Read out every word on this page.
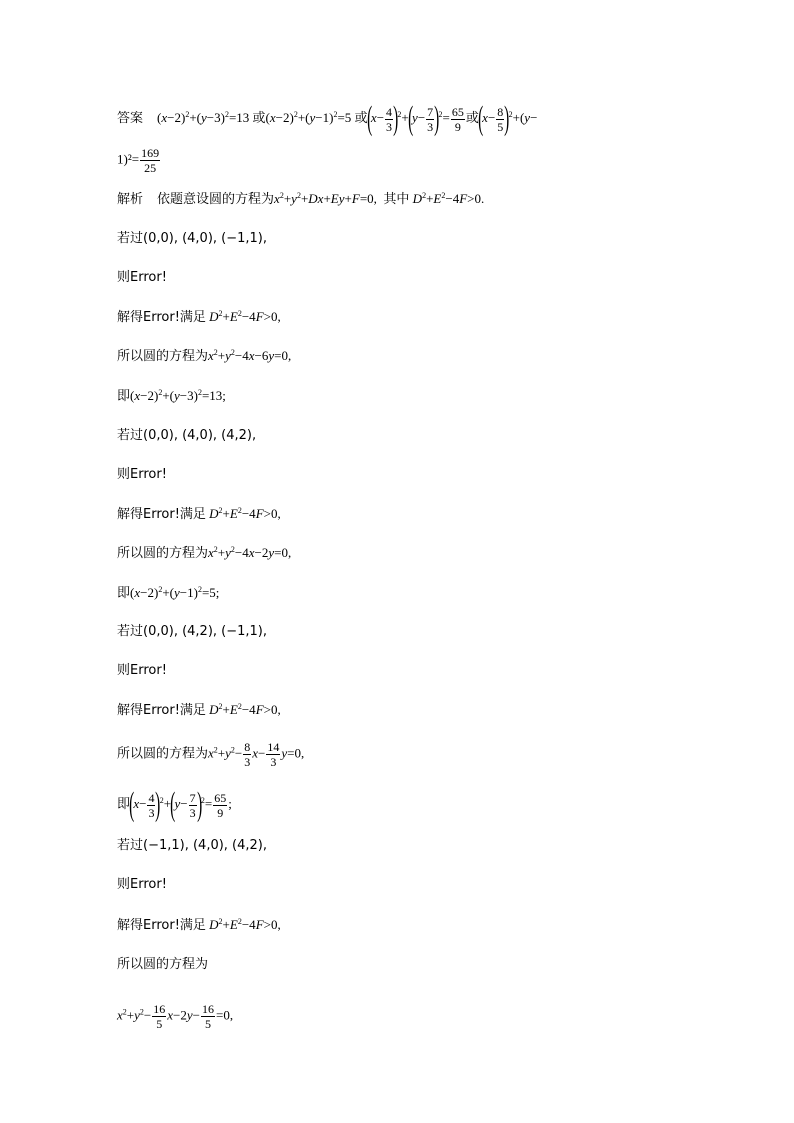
答案 $(x-2)^2+(y-3)^2=13$ 或$(x-2)^2+(y-1)^2=5$ 或$(x- \frac{4}{3} )^2+(y- \frac{7}{3} )^2= \frac{65}{9}$ 或$(x- \frac{8}{5} )^2+(y-$
$1)^2= \frac{169}{25}$
解析 依题意设圆的方程为$x^2+y^2+Dx+Ey+F=0$,  其中 $D^2+E^2-4F>0$.
若过(0,0), (4,0), (−1,1),
则Error!
解得Error!满足 $D^2+E^2-4F>0$,
所以圆的方程为$x^2+y^2-4x-6y=0$,
即$(x-2)^2+(y-3)^2=13$;
若过(0,0), (4,0), (4,2),
则Error!
解得Error!满足 $D^2+E^2-4F>0$,
所以圆的方程为$x^2+y^2-4x-2y=0$,
即$(x-2)^2+(y-1)^2=5$;
若过(0,0), (4,2), (−1,1),
则Error!
解得Error!满足 $D^2+E^2-4F>0$,
所以圆的方程为$x^2+y^2- \frac{8}{3} x- \frac{14}{3} y=0$,
即$(x- \frac{4}{3} )^2+(y- \frac{7}{3} )^2= \frac{65}{9}$ ;
若过(−1,1), (4,0), (4,2),
则Error!
解得Error!满足 $D^2+E^2-4F>0$,
所以圆的方程为
$x^2+y^2- \frac{16}{5} x-2y- \frac{16}{5} =0$,
